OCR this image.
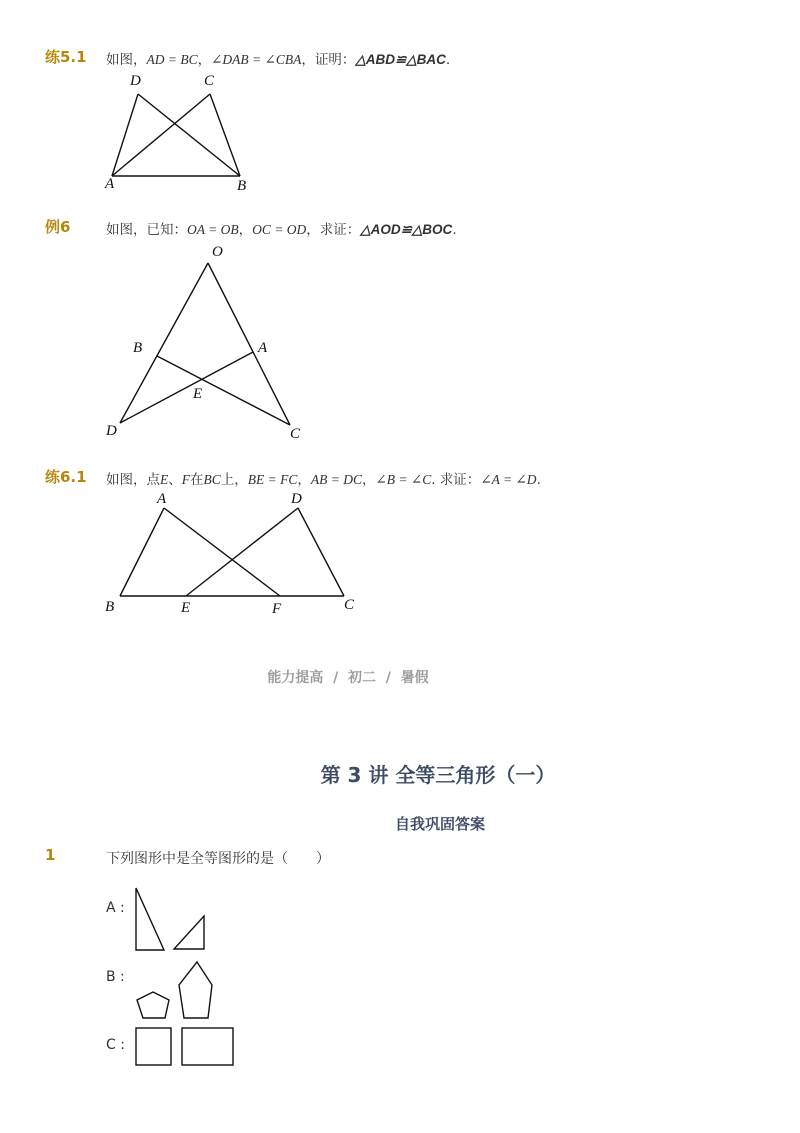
练5.1 如图，AD = BC，∠DAB = ∠CBA，证明：△ABD≌△BAC.
D	C
A	B
例6	如图，已知：OA = OB，OC = OD，求证：△AOD≌△BOC.
O
B	A
E
D	C
练6.1 如图，点E、F在BC上，BE = FC，AB = DC，∠B = ∠C. 求证：∠A = ∠D.
A	D
B	E	F	C
能力提高  /  初二  /  暑假
第 3 讲 全等三角形（一）
自我巩固答案
1	下列图形中是全等图形的是（　　）
A :
B :
C :
